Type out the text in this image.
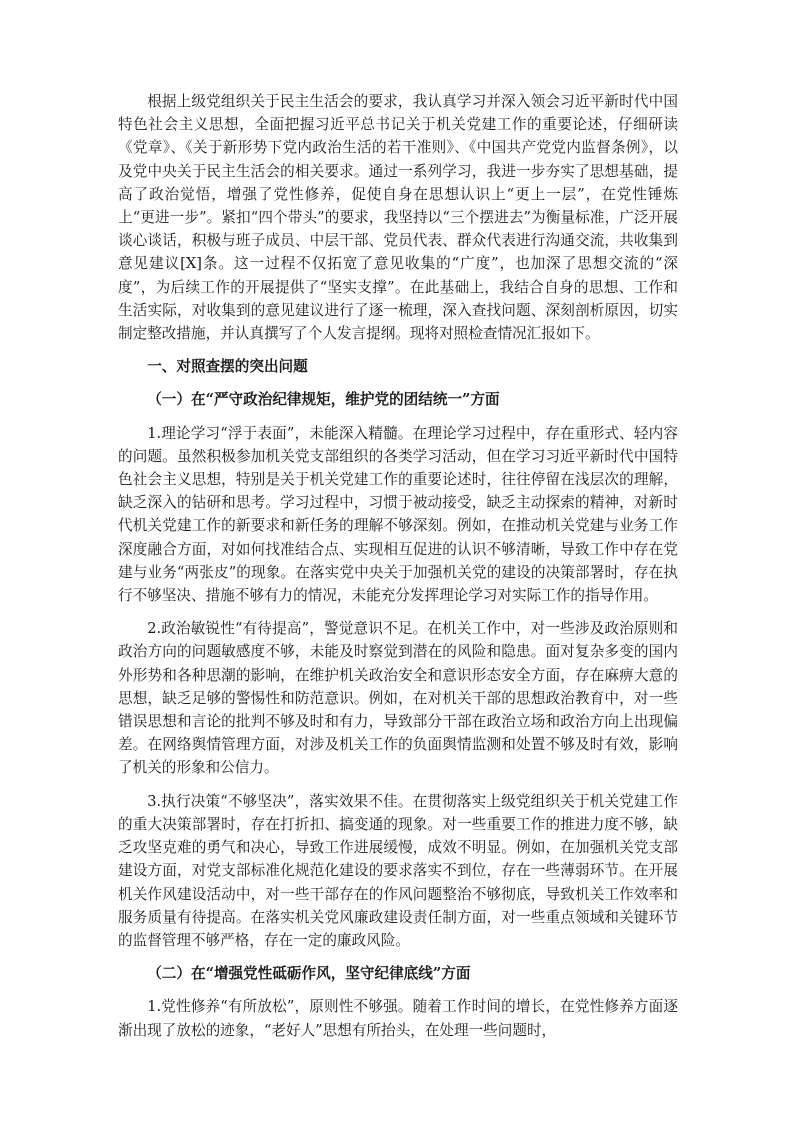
根据上级党组织关于民主生活会的要求，我认真学习并深入领会习近平新时代中国特色社会主义思想，全面把握习近平总书记关于机关党建工作的重要论述，仔细研读《党章》、《关于新形势下党内政治生活的若干准则》、《中国共产党党内监督条例》，以及党中央关于民主生活会的相关要求。通过一系列学习，我进一步夯实了思想基础，提高了政治觉悟，增强了党性修养，促使自身在思想认识上“更上一层”，在党性锤炼上“更进一步”。紧扣“四个带头”的要求，我坚持以“三个摆进去”为衡量标准，广泛开展谈心谈话，积极与班子成员、中层干部、党员代表、群众代表进行沟通交流，共收集到意见建议[X]条。这一过程不仅拓宽了意见收集的“广度”，也加深了思想交流的“深度”，为后续工作的开展提供了“坚实支撑”。在此基础上，我结合自身的思想、工作和生活实际，对收集到的意见建议进行了逐一梳理，深入查找问题、深刻剖析原因，切实制定整改措施，并认真撰写了个人发言提纲。现将对照检查情况汇报如下。

一、对照查摆的突出问题
（一）在“严守政治纪律规矩，维护党的团结统一”方面

1.理论学习“浮于表面”，未能深入精髓。在理论学习过程中，存在重形式、轻内容的问题。虽然积极参加机关党支部组织的各类学习活动，但在学习习近平新时代中国特色社会主义思想，特别是关于机关党建工作的重要论述时，往往停留在浅层次的理解，缺乏深入的钻研和思考。学习过程中，习惯于被动接受，缺乏主动探索的精神，对新时代机关党建工作的新要求和新任务的理解不够深刻。例如，在推动机关党建与业务工作深度融合方面，对如何找准结合点、实现相互促进的认识不够清晰，导致工作中存在党建与业务“两张皮”的现象。在落实党中央关于加强机关党的建设的决策部署时，存在执行不够坚决、措施不够有力的情况，未能充分发挥理论学习对实际工作的指导作用。

2.政治敏锐性“有待提高”，警觉意识不足。在机关工作中，对一些涉及政治原则和政治方向的问题敏感度不够，未能及时察觉到潜在的风险和隐患。面对复杂多变的国内外形势和各种思潮的影响，在维护机关政治安全和意识形态安全方面，存在麻痹大意的思想，缺乏足够的警惕性和防范意识。例如，在对机关干部的思想政治教育中，对一些错误思想和言论的批判不够及时和有力，导致部分干部在政治立场和政治方向上出现偏差。在网络舆情管理方面，对涉及机关工作的负面舆情监测和处置不够及时有效，影响了机关的形象和公信力。

3.执行决策“不够坚决”，落实效果不佳。在贯彻落实上级党组织关于机关党建工作的重大决策部署时，存在打折扣、搞变通的现象。对一些重要工作的推进力度不够，缺乏攻坚克难的勇气和决心，导致工作进展缓慢，成效不明显。例如，在加强机关党支部建设方面，对党支部标准化规范化建设的要求落实不到位，存在一些薄弱环节。在开展机关作风建设活动中，对一些干部存在的作风问题整治不够彻底，导致机关工作效率和服务质量有待提高。在落实机关党风廉政建设责任制方面，对一些重点领域和关键环节的监督管理不够严格，存在一定的廉政风险。

（二）在“增强党性砥砺作风，坚守纪律底线”方面

1.党性修养“有所放松”，原则性不够强。随着工作时间的增长，在党性修养方面逐渐出现了放松的迹象，“老好人”思想有所抬头，在处理一些问题时，
